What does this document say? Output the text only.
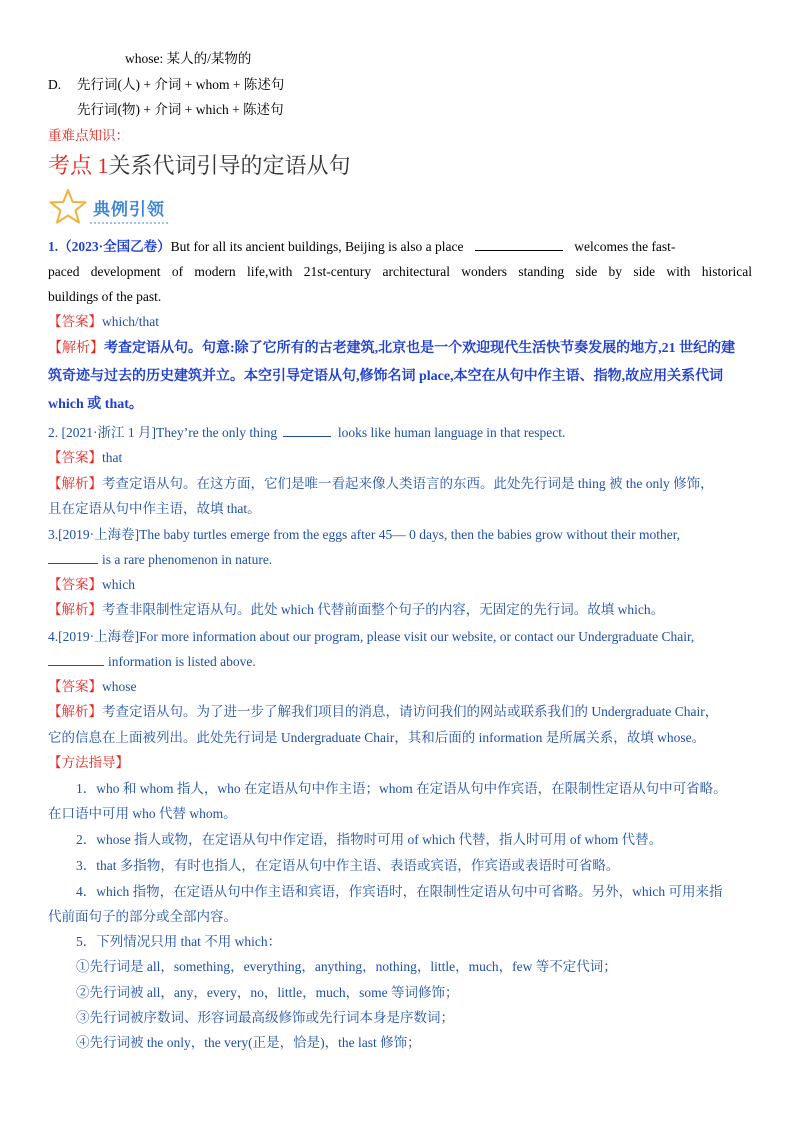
whose: 某人的/某物的
D. 先行词(人) + 介词 + whom + 陈述句
先行词(物) + 介词 + which + 陈述句
重难点知识：
考点 1关系代词引导的定语从句
典例引领
1.（2023·全国乙卷）But for all its ancient buildings, Beijing is also a place	welcomes the fast-
paced development of modern life,with 21st-century architectural wonders standing side by side with historical
buildings of the past.
【答案】which/that
【解析】考查定语从句。句意:除了它所有的古老建筑,北京也是一个欢迎现代生活快节奏发展的地方,21 世纪的建
筑奇迹与过去的历史建筑并立。本空引导定语从句,修饰名词 place,本空在从句中作主语、指物,故应用关系代词
which 或 that。
2. [2021·浙江 1 月]They’re the only thing	looks like human language in that respect.
【答案】that
【解析】考查定语从句。在这方面，它们是唯一看起来像人类语言的东西。此处先行词是 thing 被 the only 修饰，
且在定语从句中作主语，故填 that。
3.[2019·上海卷]The baby turtles emerge from the eggs after 45— 0 days, then the babies grow without their mother,
is a rare phenomenon in nature.
【答案】which
【解析】考查非限制性定语从句。此处 which 代替前面整个句子的内容，无固定的先行词。故填 which。
4.[2019·上海卷]For more information about our program, please visit our website, or contact our Undergraduate Chair,
information is listed above.
【答案】whose
【解析】考查定语从句。为了进一步了解我们项目的消息，请访问我们的网站或联系我们的 Undergraduate Chair，
它的信息在上面被列出。此处先行词是 Undergraduate Chair，其和后面的 information 是所属关系，故填 whose。
【方法指导】
1．who 和 whom 指人，who 在定语从句中作主语；whom 在定语从句中作宾语，在限制性定语从句中可省略。
在口语中可用 who 代替 whom。
2．whose 指人或物，在定语从句中作定语，指物时可用 of which 代替，指人时可用 of whom 代替。
3．that 多指物，有时也指人，在定语从句中作主语、表语或宾语，作宾语或表语时可省略。
4．which 指物，在定语从句中作主语和宾语，作宾语时，在限制性定语从句中可省略。另外，which 可用来指
代前面句子的部分或全部内容。
5．下列情况只用 that 不用 which：
①先行词是 all，something，everything，anything，nothing，little，much，few 等不定代词；
②先行词被 all，any，every，no，little，much，some 等词修饰；
③先行词被序数词、形容词最高级修饰或先行词本身是序数词；
④先行词被 the only，the very(正是，恰是)，the last 修饰；
